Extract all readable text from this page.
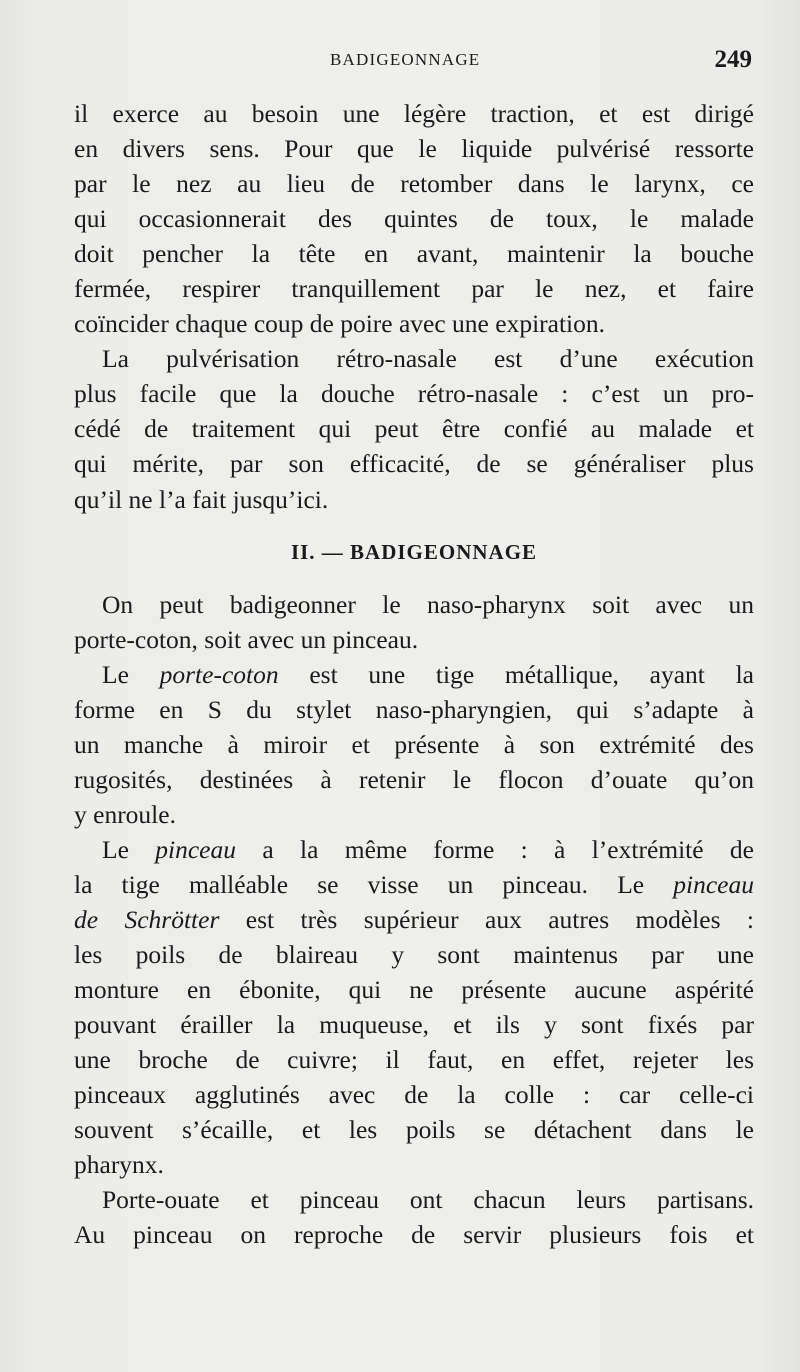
BADIGEONNAGE	249
il exerce au besoin une légère traction, et est dirigé
en divers sens. Pour que le liquide pulvérisé ressorte
par le nez au lieu de retomber dans le larynx, ce
qui occasionnerait des quintes de toux, le malade
doit pencher la tête en avant, maintenir la bouche
fermée, respirer tranquillement par le nez, et faire
coïncider chaque coup de poire avec une expiration.
La pulvérisation rétro-nasale est d’une exécution
plus facile que la douche rétro-nasale : c’est un pro-
cédé de traitement qui peut être confié au malade et
qui mérite, par son efficacité, de se généraliser plus
qu’il ne l’a fait jusqu’ici.
II. — BADIGEONNAGE
On peut badigeonner le naso-pharynx soit avec un
porte-coton, soit avec un pinceau.
Le porte-coton est une tige métallique, ayant la
forme en S du stylet naso-pharyngien, qui s’adapte à
un manche à miroir et présente à son extrémité des
rugosités, destinées à retenir le flocon d’ouate qu’on
y enroule.
Le pinceau a la même forme : à l’extrémité de
la tige malléable se visse un pinceau. Le pinceau
de Schrötter est très supérieur aux autres modèles :
les poils de blaireau y sont maintenus par une
monture en ébonite, qui ne présente aucune aspérité
pouvant érailler la muqueuse, et ils y sont fixés par
une broche de cuivre; il faut, en effet, rejeter les
pinceaux agglutinés avec de la colle : car celle-ci
souvent s’écaille, et les poils se détachent dans le
pharynx.
Porte-ouate et pinceau ont chacun leurs partisans.
Au pinceau on reproche de servir plusieurs fois et
